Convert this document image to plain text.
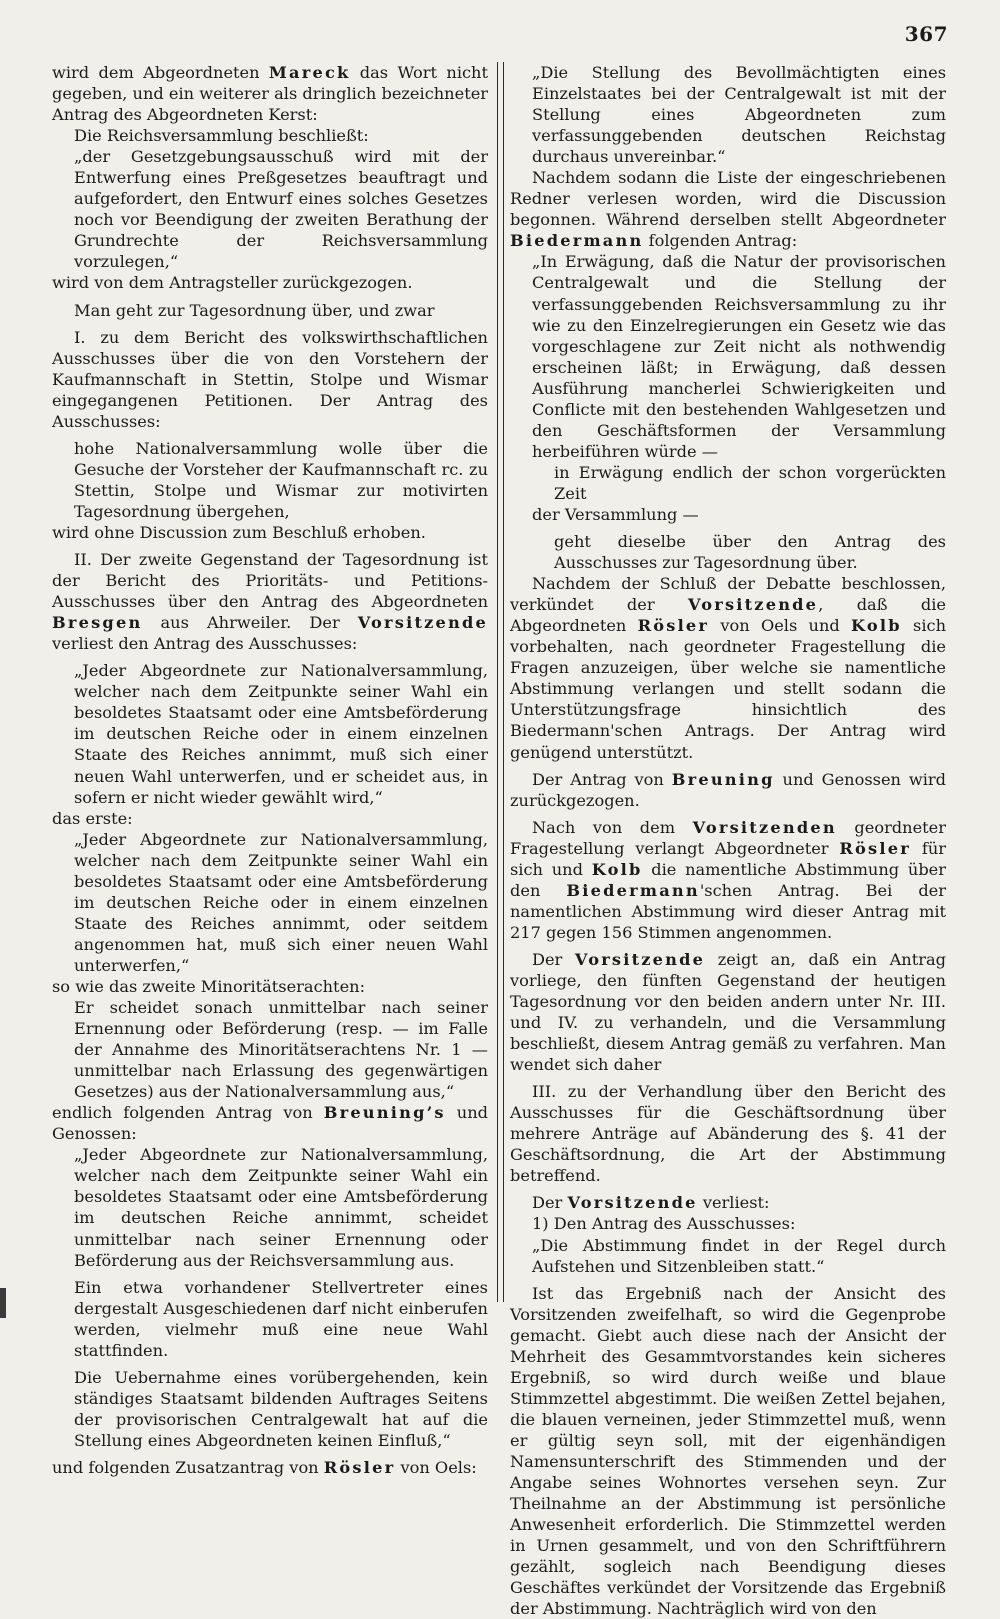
367

wird dem Abgeordneten Mareck das Wort nicht gegeben, und ein weiterer als dringlich bezeichneter Antrag des Abgeordneten Kerst:

Die Reichsversammlung beschließt:

„der Gesetzgebungsausschuß wird mit der Entwerfung eines Preßgesetzes beauftragt und aufgefordert, den Entwurf eines solches Gesetzes noch vor Beendigung der zweiten Berathung der Grundrechte der Reichsversammlung vorzulegen,“

wird von dem Antragsteller zurückgezogen.

Man geht zur Tagesordnung über, und zwar

I. zu dem Bericht des volkswirthschaftlichen Ausschusses über die von den Vorstehern der Kaufmannschaft in Stettin, Stolpe und Wismar eingegangenen Petitionen. Der Antrag des Ausschusses:

hohe Nationalversammlung wolle über die Gesuche der Vorsteher der Kaufmannschaft rc. zu Stettin, Stolpe und Wismar zur motivirten Tagesordnung übergehen,

wird ohne Discussion zum Beschluß erhoben.

II. Der zweite Gegenstand der Tagesordnung ist der Bericht des Prioritäts- und Petitions-Ausschusses über den Antrag des Abgeordneten Bresgen aus Ahrweiler. Der Vorsitzende verliest den Antrag des Ausschusses:

„Jeder Abgeordnete zur Nationalversammlung, welcher nach dem Zeitpunkte seiner Wahl ein besoldetes Staatsamt oder eine Amtsbeförderung im deutschen Reiche oder in einem einzelnen Staate des Reiches annimmt, muß sich einer neuen Wahl unterwerfen, und er scheidet aus, in sofern er nicht wieder gewählt wird,“

das erste:

„Jeder Abgeordnete zur Nationalversammlung, welcher nach dem Zeitpunkte seiner Wahl ein besoldetes Staatsamt oder eine Amtsbeförderung im deutschen Reiche oder in einem einzelnen Staate des Reiches annimmt, oder seitdem angenommen hat, muß sich einer neuen Wahl unterwerfen,“

so wie das zweite Minoritätserachten:

Er scheidet sonach unmittelbar nach seiner Ernennung oder Beförderung (resp. — im Falle der Annahme des Minoritätserachtens Nr. 1 — unmittelbar nach Erlassung des gegenwärtigen Gesetzes) aus der Nationalversammlung aus,“

endlich folgenden Antrag von Breuning’s und Genossen:

„Jeder Abgeordnete zur Nationalversammlung, welcher nach dem Zeitpunkte seiner Wahl ein besoldetes Staatsamt oder eine Amtsbeförderung im deutschen Reiche annimmt, scheidet unmittelbar nach seiner Ernennung oder Beförderung aus der Reichsversammlung aus.

Ein etwa vorhandener Stellvertreter eines dergestalt Ausgeschiedenen darf nicht einberufen werden, vielmehr muß eine neue Wahl stattfinden.

Die Uebernahme eines vorübergehenden, kein ständiges Staatsamt bildenden Auftrages Seitens der provisorischen Centralgewalt hat auf die Stellung eines Abgeordneten keinen Einfluß,“

und folgenden Zusatzantrag von Rösler von Oels:

„Die Stellung des Bevollmächtigten eines Einzelstaates bei der Centralgewalt ist mit der Stellung eines Abgeordneten zum verfassunggebenden deutschen Reichstag durchaus unvereinbar.“

Nachdem sodann die Liste der eingeschriebenen Redner verlesen worden, wird die Discussion begonnen. Während derselben stellt Abgeordneter Biedermann folgenden Antrag:

„In Erwägung, daß die Natur der provisorischen Centralgewalt und die Stellung der verfassunggebenden Reichsversammlung zu ihr wie zu den Einzelregierungen ein Gesetz wie das vorgeschlagene zur Zeit nicht als nothwendig erscheinen läßt; in Erwägung, daß dessen Ausführung mancherlei Schwierigkeiten und Conflicte mit den bestehenden Wahlgesetzen und den Geschäftsformen der Versammlung herbeiführen würde —

in Erwägung endlich der schon vorgerückten Zeit

der Versammlung —

geht dieselbe über den Antrag des Ausschusses zur Tagesordnung über.

Nachdem der Schluß der Debatte beschlossen, verkündet der Vorsitzende, daß die Abgeordneten Rösler von Oels und Kolb sich vorbehalten, nach geordneter Fragestellung die Fragen anzuzeigen, über welche sie namentliche Abstimmung verlangen und stellt sodann die Unterstützungsfrage hinsichtlich des Biedermann'schen Antrags. Der Antrag wird genügend unterstützt.

Der Antrag von Breuning und Genossen wird zurückgezogen.

Nach von dem Vorsitzenden geordneter Fragestellung verlangt Abgeordneter Rösler für sich und Kolb die namentliche Abstimmung über den Biedermann'schen Antrag. Bei der namentlichen Abstimmung wird dieser Antrag mit 217 gegen 156 Stimmen angenommen.

Der Vorsitzende zeigt an, daß ein Antrag vorliege, den fünften Gegenstand der heutigen Tagesordnung vor den beiden andern unter Nr. III. und IV. zu verhandeln, und die Versammlung beschließt, diesem Antrag gemäß zu verfahren. Man wendet sich daher

III. zu der Verhandlung über den Bericht des Ausschusses für die Geschäftsordnung über mehrere Anträge auf Abänderung des §. 41 der Geschäftsordnung, die Art der Abstimmung betreffend.

Der Vorsitzende verliest:

1) Den Antrag des Ausschusses:

„Die Abstimmung findet in der Regel durch Aufstehen und Sitzenbleiben statt.“

Ist das Ergebniß nach der Ansicht des Vorsitzenden zweifelhaft, so wird die Gegenprobe gemacht. Giebt auch diese nach der Ansicht der Mehrheit des Gesammtvorstandes kein sicheres Ergebniß, so wird durch weiße und blaue Stimmzettel abgestimmt. Die weißen Zettel bejahen, die blauen verneinen, jeder Stimmzettel muß, wenn er gültig seyn soll, mit der eigenhändigen Namensunterschrift des Stimmenden und der Angabe seines Wohnortes versehen seyn. Zur Theilnahme an der Abstimmung ist persönliche Anwesenheit erforderlich. Die Stimmzettel werden in Urnen gesammelt, und von den Schriftführern gezählt, sogleich nach Beendigung dieses Geschäftes verkündet der Vorsitzende das Ergebniß der Abstimmung. Nachträglich wird von den
